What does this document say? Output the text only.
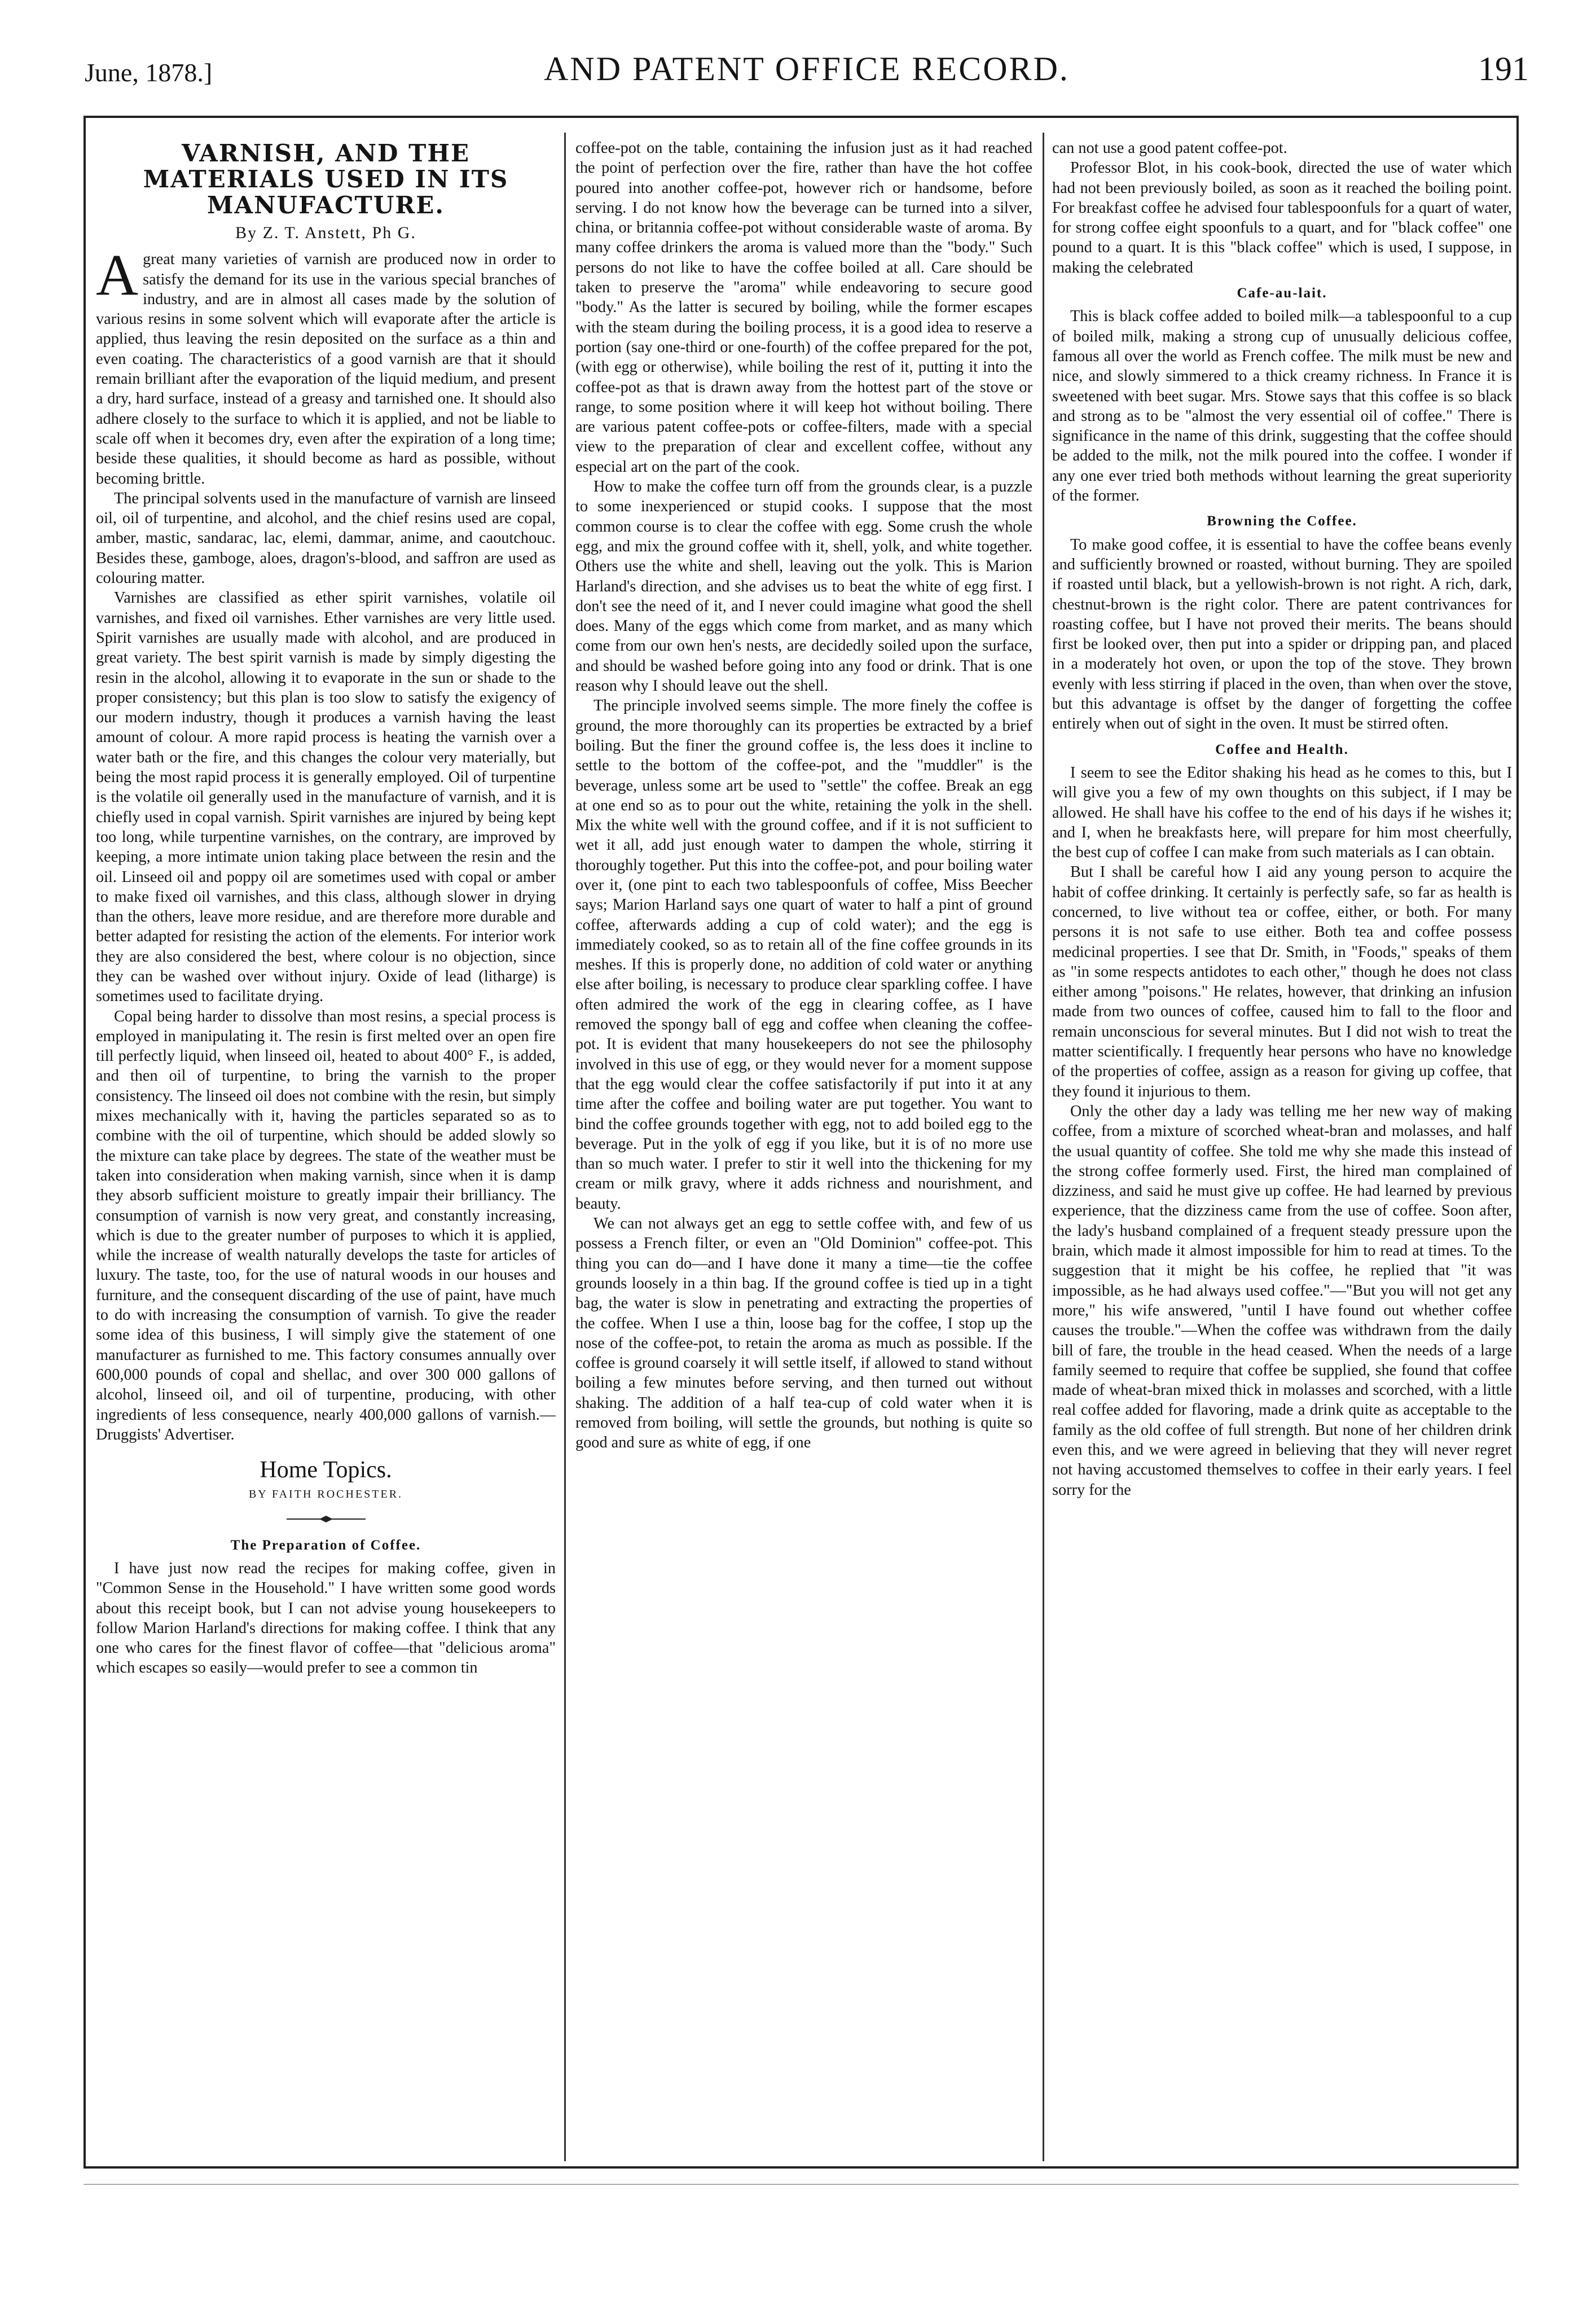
June, 1878.]	AND PATENT OFFICE RECORD.	191
VARNISH, AND THE MATERIALS USED IN ITS MANUFACTURE.
By Z. T. Anstett, Ph G.

Agreat many varieties of varnish are produced now in order to satisfy the demand for its use in the various special branches of industry, and are in almost all cases made by the solution of various resins in some solvent which will evaporate after the article is applied, thus leaving the resin deposited on the surface as a thin and even coating. The characteristics of a good varnish are that it should remain brilliant after the evaporation of the liquid medium, and present a dry, hard surface, instead of a greasy and tarnished one. It should also adhere closely to the surface to which it is applied, and not be liable to scale off when it becomes dry, even after the expiration of a long time; beside these qualities, it should become as hard as possible, without becoming brittle.

The principal solvents used in the manufacture of varnish are linseed oil, oil of turpentine, and alcohol, and the chief resins used are copal, amber, mastic, sandarac, lac, elemi, dammar, anime, and caoutchouc. Besides these, gamboge, aloes, dragon's-blood, and saffron are used as colouring matter.

Varnishes are classified as ether spirit varnishes, volatile oil varnishes, and fixed oil varnishes. Ether varnishes are very little used. Spirit varnishes are usually made with alcohol, and are produced in great variety. The best spirit varnish is made by simply digesting the resin in the alcohol, allowing it to evaporate in the sun or shade to the proper consistency; but this plan is too slow to satisfy the exigency of our modern industry, though it produces a varnish having the least amount of colour. A more rapid process is heating the varnish over a water bath or the fire, and this changes the colour very materially, but being the most rapid process it is generally employed. Oil of turpentine is the volatile oil generally used in the manufacture of varnish, and it is chiefly used in copal varnish. Spirit varnishes are injured by being kept too long, while turpentine varnishes, on the contrary, are improved by keeping, a more intimate union taking place between the resin and the oil. Linseed oil and poppy oil are sometimes used with copal or amber to make fixed oil varnishes, and this class, although slower in drying than the others, leave more residue, and are therefore more durable and better adapted for resisting the action of the elements. For interior work they are also considered the best, where colour is no objection, since they can be washed over without injury. Oxide of lead (litharge) is sometimes used to facilitate drying.

Copal being harder to dissolve than most resins, a special process is employed in manipulating it. The resin is first melted over an open fire till perfectly liquid, when linseed oil, heated to about 400° F., is added, and then oil of turpentine, to bring the varnish to the proper consistency. The linseed oil does not combine with the resin, but simply mixes mechanically with it, having the particles separated so as to combine with the oil of turpentine, which should be added slowly so the mixture can take place by degrees. The state of the weather must be taken into consideration when making varnish, since when it is damp they absorb sufficient moisture to greatly impair their brilliancy. The consumption of varnish is now very great, and constantly increasing, which is due to the greater number of purposes to which it is applied, while the increase of wealth naturally develops the taste for articles of luxury. The taste, too, for the use of natural woods in our houses and furniture, and the consequent discarding of the use of paint, have much to do with increasing the consumption of varnish. To give the reader some idea of this business, I will simply give the statement of one manufacturer as furnished to me. This factory consumes annually over 600,000 pounds of copal and shellac, and over 300 000 gallons of alcohol, linseed oil, and oil of turpentine, producing, with other ingredients of less consequence, nearly 400,000 gallons of varnish.—Druggists' Advertiser.

Home Topics.
BY FAITH ROCHESTER.
The Preparation of Coffee.

I have just now read the recipes for making coffee, given in "Common Sense in the Household." I have written some good words about this receipt book, but I can not advise young housekeepers to follow Marion Harland's directions for making coffee. I think that any one who cares for the finest flavor of coffee—that "delicious aroma" which escapes so easily—would prefer to see a common tin

coffee-pot on the table, containing the infusion just as it had reached the point of perfection over the fire, rather than have the hot coffee poured into another coffee-pot, however rich or handsome, before serving. I do not know how the beverage can be turned into a silver, china, or britannia coffee-pot without considerable waste of aroma. By many coffee drinkers the aroma is valued more than the "body." Such persons do not like to have the coffee boiled at all. Care should be taken to preserve the "aroma" while endeavoring to secure good "body." As the latter is secured by boiling, while the former escapes with the steam during the boiling process, it is a good idea to reserve a portion (say one-third or one-fourth) of the coffee prepared for the pot, (with egg or otherwise), while boiling the rest of it, putting it into the coffee-pot as that is drawn away from the hottest part of the stove or range, to some position where it will keep hot without boiling. There are various patent coffee-pots or coffee-filters, made with a special view to the preparation of clear and excellent coffee, without any especial art on the part of the cook.

How to make the coffee turn off from the grounds clear, is a puzzle to some inexperienced or stupid cooks. I suppose that the most common course is to clear the coffee with egg. Some crush the whole egg, and mix the ground coffee with it, shell, yolk, and white together. Others use the white and shell, leaving out the yolk. This is Marion Harland's direction, and she advises us to beat the white of egg first. I don't see the need of it, and I never could imagine what good the shell does. Many of the eggs which come from market, and as many which come from our own hen's nests, are decidedly soiled upon the surface, and should be washed before going into any food or drink. That is one reason why I should leave out the shell.

The principle involved seems simple. The more finely the coffee is ground, the more thoroughly can its properties be extracted by a brief boiling. But the finer the ground coffee is, the less does it incline to settle to the bottom of the coffee-pot, and the "muddler" is the beverage, unless some art be used to "settle" the coffee. Break an egg at one end so as to pour out the white, retaining the yolk in the shell. Mix the white well with the ground coffee, and if it is not sufficient to wet it all, add just enough water to dampen the whole, stirring it thoroughly together. Put this into the coffee-pot, and pour boiling water over it, (one pint to each two tablespoonfuls of coffee, Miss Beecher says; Marion Harland says one quart of water to half a pint of ground coffee, afterwards adding a cup of cold water); and the egg is immediately cooked, so as to retain all of the fine coffee grounds in its meshes. If this is properly done, no addition of cold water or anything else after boiling, is necessary to produce clear sparkling coffee. I have often admired the work of the egg in clearing coffee, as I have removed the spongy ball of egg and coffee when cleaning the coffee-pot. It is evident that many housekeepers do not see the philosophy involved in this use of egg, or they would never for a moment suppose that the egg would clear the coffee satisfactorily if put into it at any time after the coffee and boiling water are put together. You want to bind the coffee grounds together with egg, not to add boiled egg to the beverage. Put in the yolk of egg if you like, but it is of no more use than so much water. I prefer to stir it well into the thickening for my cream or milk gravy, where it adds richness and nourishment, and beauty.

We can not always get an egg to settle coffee with, and few of us possess a French filter, or even an "Old Dominion" coffee-pot. This thing you can do—and I have done it many a time—tie the coffee grounds loosely in a thin bag. If the ground coffee is tied up in a tight bag, the water is slow in penetrating and extracting the properties of the coffee. When I use a thin, loose bag for the coffee, I stop up the nose of the coffee-pot, to retain the aroma as much as possible. If the coffee is ground coarsely it will settle itself, if allowed to stand without boiling a few minutes before serving, and then turned out without shaking. The addition of a half tea-cup of cold water when it is removed from boiling, will settle the grounds, but nothing is quite so good and sure as white of egg, if one

can not use a good patent coffee-pot.

Professor Blot, in his cook-book, directed the use of water which had not been previously boiled, as soon as it reached the boiling point. For breakfast coffee he advised four tablespoonfuls for a quart of water, for strong coffee eight spoonfuls to a quart, and for "black coffee" one pound to a quart. It is this "black coffee" which is used, I suppose, in making the celebrated

Cafe-au-lait.

This is black coffee added to boiled milk—a tablespoonful to a cup of boiled milk, making a strong cup of unusually delicious coffee, famous all over the world as French coffee. The milk must be new and nice, and slowly simmered to a thick creamy richness. In France it is sweetened with beet sugar. Mrs. Stowe says that this coffee is so black and strong as to be "almost the very essential oil of coffee." There is significance in the name of this drink, suggesting that the coffee should be added to the milk, not the milk poured into the coffee. I wonder if any one ever tried both methods without learning the great superiority of the former.

Browning the Coffee.

To make good coffee, it is essential to have the coffee beans evenly and sufficiently browned or roasted, without burning. They are spoiled if roasted until black, but a yellowish-brown is not right. A rich, dark, chestnut-brown is the right color. There are patent contrivances for roasting coffee, but I have not proved their merits. The beans should first be looked over, then put into a spider or dripping pan, and placed in a moderately hot oven, or upon the top of the stove. They brown evenly with less stirring if placed in the oven, than when over the stove, but this advantage is offset by the danger of forgetting the coffee entirely when out of sight in the oven. It must be stirred often.

Coffee and Health.

I seem to see the Editor shaking his head as he comes to this, but I will give you a few of my own thoughts on this subject, if I may be allowed. He shall have his coffee to the end of his days if he wishes it; and I, when he breakfasts here, will prepare for him most cheerfully, the best cup of coffee I can make from such materials as I can obtain.

But I shall be careful how I aid any young person to acquire the habit of coffee drinking. It certainly is perfectly safe, so far as health is concerned, to live without tea or coffee, either, or both. For many persons it is not safe to use either. Both tea and coffee possess medicinal properties. I see that Dr. Smith, in "Foods," speaks of them as "in some respects antidotes to each other," though he does not class either among "poisons." He relates, however, that drinking an infusion made from two ounces of coffee, caused him to fall to the floor and remain unconscious for several minutes. But I did not wish to treat the matter scientifically. I frequently hear persons who have no knowledge of the properties of coffee, assign as a reason for giving up coffee, that they found it injurious to them.

Only the other day a lady was telling me her new way of making coffee, from a mixture of scorched wheat-bran and molasses, and half the usual quantity of coffee. She told me why she made this instead of the strong coffee formerly used. First, the hired man complained of dizziness, and said he must give up coffee. He had learned by previous experience, that the dizziness came from the use of coffee. Soon after, the lady's husband complained of a frequent steady pressure upon the brain, which made it almost impossible for him to read at times. To the suggestion that it might be his coffee, he replied that "it was impossible, as he had always used coffee."—"But you will not get any more," his wife answered, "until I have found out whether coffee causes the trouble."—When the coffee was withdrawn from the daily bill of fare, the trouble in the head ceased. When the needs of a large family seemed to require that coffee be supplied, she found that coffee made of wheat-bran mixed thick in molasses and scorched, with a little real coffee added for flavoring, made a drink quite as acceptable to the family as the old coffee of full strength. But none of her children drink even this, and we were agreed in believing that they will never regret not having accustomed themselves to coffee in their early years. I feel sorry for the
